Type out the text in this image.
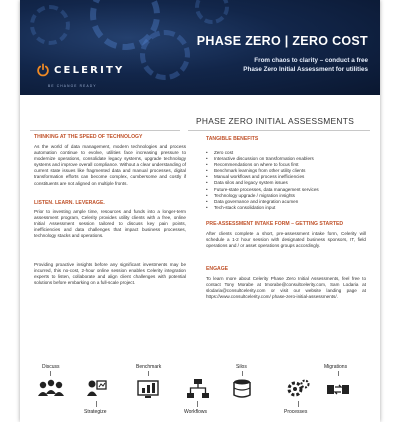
PHASE ZERO | ZERO COST
From chaos to clarity – conduct a free
Phase Zero Initial Assessment for utilities
CELERITY
BE CHANGE READY
PHASE ZERO INITIAL ASSESSMENTS
THINKING AT THE SPEED OF TECHNOLOGY
As the world of data management, modern technologies and process automation continue to evolve, utilities face increasing pressure to modernize operations, consolidate legacy systems, upgrade technology systems and improve overall compliance. Without a clear understanding of current state issues like fragmented data and manual processes, digital transformation efforts can become complex, cumbersome and costly if constituents are not aligned on multiple fronts.
LISTEN. LEARN. LEVERAGE.
Prior to investing ample time, resources and funds into a longer-term assessment program, Celerity provides utility clients with a free, online Initial Assessment session tailored to discuss key pain points, inefficiencies and data challenges that impact business processes, technology stacks and operations.
Providing proactive insights before any significant investments may be incurred, this no-cost, 2-hour online session enables Celerity integration experts to listen, collaborate and align client challenges with potential solutions before embarking on a full-scale project.
TANGIBLE BENEFITS
• Zero cost
• Interactive discussion on transformation enablers
• Recommendations on where to focus first
• Benchmark learnings from other utility clients
• Manual workflows and process inefficiencies
• Data silos and legacy system issues
• Future-state processes, data management services
• Technology upgrade / migration insights
• Data governance and integration acumen
• Tech-stack consolidation input
PRE-ASSESSMENT INTAKE FORM – GETTING STARTED
After clients complete a short, pre-assessment intake form, Celerity will schedule a 1-2 hour session with designated business sponsors, IT, field operations and / or asset operations groups accordingly.
ENGAGE
To learn more about Celerity Phase Zero Initial Assessments, feel free to contact Tony Morabe at tmorabe@consultcelerity.com, Sam Lodaria at slodaria@consultcelerity.com or visit our website landing page at https://www.consultcelerity.com/ phase-zero-initial-assessments/.
Discuss	Benchmark	Silos	Migrations
Strategize	Workflows	Processes
